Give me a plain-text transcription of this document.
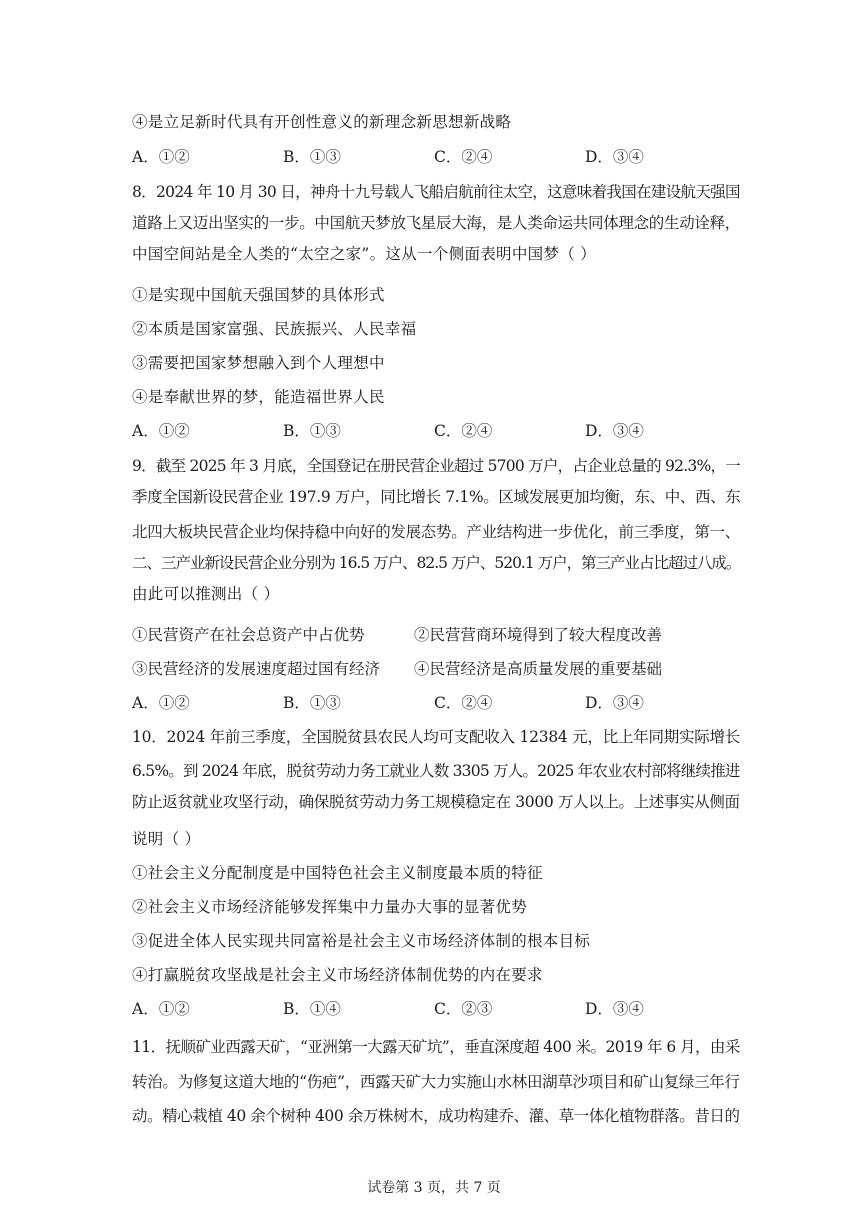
④是立足新时代具有开创性意义的新理念新思想新战略
A．①②	B．①③	C．②④	D．③④
8．2024 年 10 月 30 日，神舟十九号载人飞船启航前往太空，这意味着我国在建设航天强国
道路上又迈出坚实的一步。中国航天梦放飞星辰大海，是人类命运共同体理念的生动诠释，
中国空间站是全人类的“太空之家”。这从一个侧面表明中国梦（ ）
①是实现中国航天强国梦的具体形式
②本质是国家富强、民族振兴、人民幸福
③需要把国家梦想融入到个人理想中
④是奉献世界的梦，能造福世界人民
A．①②	B．①③	C．②④	D．③④
9．截至 2025 年 3 月底，全国登记在册民营企业超过 5700 万户，占企业总量的 92.3%，一
季度全国新设民营企业 197.9 万户，同比增长 7.1%。区域发展更加均衡，东、中、西、东
北四大板块民营企业均保持稳中向好的发展态势。产业结构进一步优化，前三季度，第一、
二、三产业新设民营企业分别为 16.5 万户、82.5 万户、520.1 万户，第三产业占比超过八成。
由此可以推测出（ ）
①民营资产在社会总资产中占优势	②民营营商环境得到了较大程度改善
③民营经济的发展速度超过国有经济 ④民营经济是高质量发展的重要基础
A．①②	B．①③	C．②④	D．③④
10．2024 年前三季度，全国脱贫县农民人均可支配收入 12384 元，比上年同期实际增长
6.5%。到 2024 年底，脱贫劳动力务工就业人数 3305 万人。2025 年农业农村部将继续推进
防止返贫就业攻坚行动，确保脱贫劳动力务工规模稳定在 3000 万人以上。上述事实从侧面
说明（ ）
①社会主义分配制度是中国特色社会主义制度最本质的特征
②社会主义市场经济能够发挥集中力量办大事的显著优势
③促进全体人民实现共同富裕是社会主义市场经济体制的根本目标
④打赢脱贫攻坚战是社会主义市场经济体制优势的内在要求
A．①②	B．①④	C．②③	D．③④
11．抚顺矿业西露天矿，“亚洲第一大露天矿坑”，垂直深度超 400 米。2019 年 6 月，由采
转治。为修复这道大地的“伤疤”，西露天矿大力实施山水林田湖草沙项目和矿山复绿三年行
动。精心栽植 40 余个树种 400 余万株树木，成功构建乔、灌、草一体化植物群落。昔日的
试卷第 3 页，共 7 页
